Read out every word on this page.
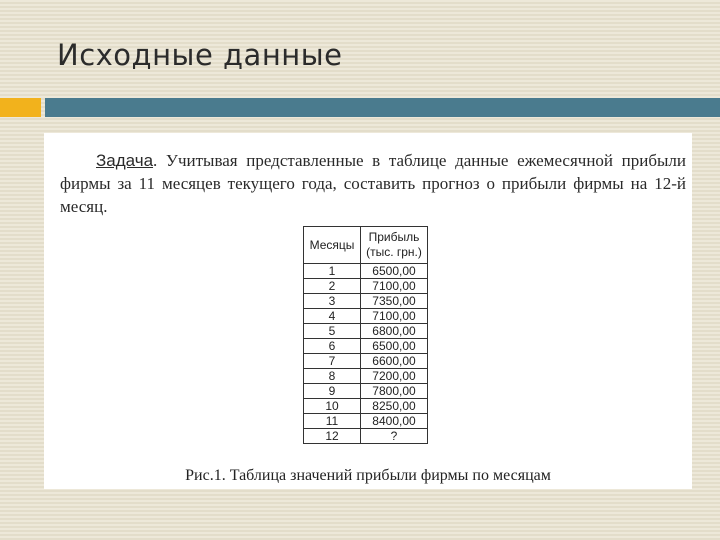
Исходные данные

Задача. Учитывая представленные в таблице данные ежемесячной прибыли фирмы за 11 месяцев текущего года, составить прогноз о прибыли фирмы на 12-й месяц.

Месяцы	Прибыль
(тыс. грн.)
1	6500,00
2	7100,00
3	7350,00
4	7100,00
5	6800,00
6	6500,00
7	6600,00
8	7200,00
9	7800,00
10	8250,00
11	8400,00
12	?

Рис.1. Таблица значений прибыли фирмы по месяцам
